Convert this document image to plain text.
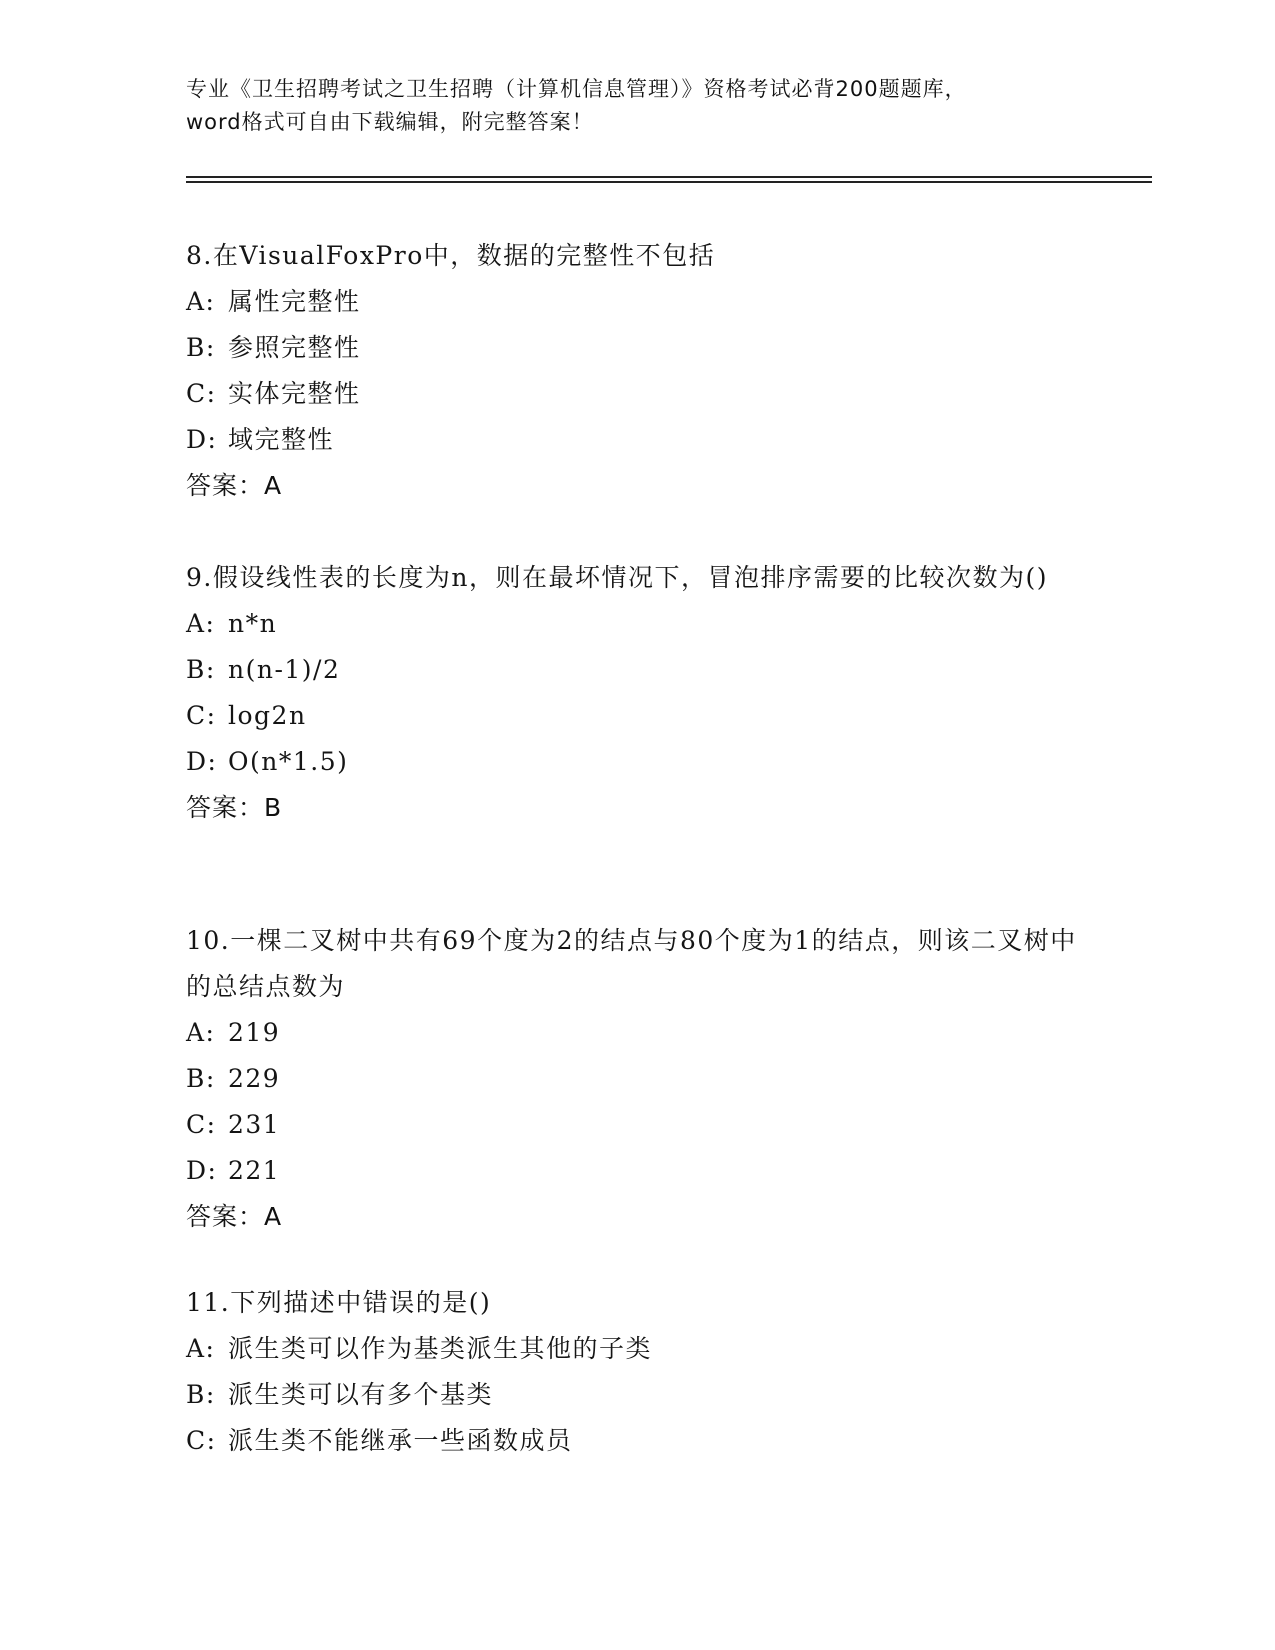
专业《卫生招聘考试之卫生招聘（计算机信息管理）》资格考试必背200题题库，
word格式可自由下载编辑，附完整答案！
8.在VisualFoxPro中，数据的完整性不包括
A: 属性完整性
B: 参照完整性
C: 实体完整性
D: 域完整性
答案：A
9.假设线性表的长度为n，则在最坏情况下，冒泡排序需要的比较次数为()
A: n*n
B: n(n-1)/2
C: log2n
D: O(n*1.5)
答案：B
10.一棵二叉树中共有69个度为2的结点与80个度为1的结点，则该二叉树中的总结点数为
A: 219
B: 229
C: 231
D: 221
答案：A
11.下列描述中错误的是()
A: 派生类可以作为基类派生其他的子类
B: 派生类可以有多个基类
C: 派生类不能继承一些函数成员
